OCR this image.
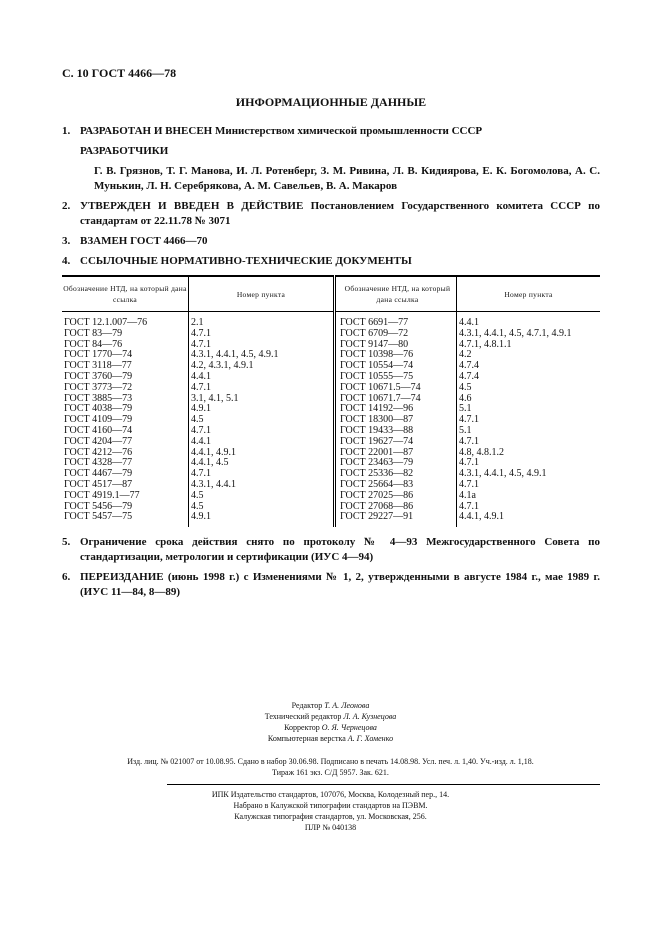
С. 10 ГОСТ 4466—78
ИНФОРМАЦИОННЫЕ ДАННЫЕ
1. РАЗРАБОТАН И ВНЕСЕН Министерством химической промышленности СССР
РАЗРАБОТЧИКИ
Г. В. Грязнов, Т. Г. Манова, И. Л. Ротенберг, З. М. Ривина, Л. В. Кидиярова, Е. К. Богомолова, А. С. Мунькин, Л. Н. Серебрякова, А. М. Савельев, В. А. Макаров
2. УТВЕРЖДЕН И ВВЕДЕН В ДЕЙСТВИЕ Постановлением Государственного комитета СССР по стандартам от 22.11.78 № 3071
3. ВЗАМЕН ГОСТ 4466—70
4. ССЫЛОЧНЫЕ НОРМАТИВНО-ТЕХНИЧЕСКИЕ ДОКУМЕНТЫ
Обозначение НТД, на который дана ссылка	Номер пункта	Обозначение НТД, на который дана ссылка	Номер пункта
ГОСТ 12.1.007—76	2.1	ГОСТ 6691—77	4.4.1
ГОСТ 83—79	4.7.1	ГОСТ 6709—72	4.3.1, 4.4.1, 4.5, 4.7.1, 4.9.1
ГОСТ 84—76	4.7.1	ГОСТ 9147—80	4.7.1, 4.8.1.1
ГОСТ 1770—74	4.3.1, 4.4.1, 4.5, 4.9.1	ГОСТ 10398—76	4.2
ГОСТ 3118—77	4.2, 4.3.1, 4.9.1	ГОСТ 10554—74	4.7.4
ГОСТ 3760—79	4.4.1	ГОСТ 10555—75	4.7.4
ГОСТ 3773—72	4.7.1	ГОСТ 10671.5—74	4.5
ГОСТ 3885—73	3.1, 4.1, 5.1	ГОСТ 10671.7—74	4.6
ГОСТ 4038—79	4.9.1	ГОСТ 14192—96	5.1
ГОСТ 4109—79	4.5	ГОСТ 18300—87	4.7.1
ГОСТ 4160—74	4.7.1	ГОСТ 19433—88	5.1
ГОСТ 4204—77	4.4.1	ГОСТ 19627—74	4.7.1
ГОСТ 4212—76	4.4.1, 4.9.1	ГОСТ 22001—87	4.8, 4.8.1.2
ГОСТ 4328—77	4.4.1, 4.5	ГОСТ 23463—79	4.7.1
ГОСТ 4467—79	4.7.1	ГОСТ 25336—82	4.3.1, 4.4.1, 4.5, 4.9.1
ГОСТ 4517—87	4.3.1, 4.4.1	ГОСТ 25664—83	4.7.1
ГОСТ 4919.1—77	4.5	ГОСТ 27025—86	4.1а
ГОСТ 5456—79	4.5	ГОСТ 27068—86	4.7.1
ГОСТ 5457—75	4.9.1	ГОСТ 29227—91	4.4.1, 4.9.1
5. Ограничение срока действия снято по протоколу № 4—93 Межгосударственного Совета по стандартизации, метрологии и сертификации (ИУС 4—94)
6. ПЕРЕИЗДАНИЕ (июнь 1998 г.) с Изменениями № 1, 2, утвержденными в августе 1984 г., мае 1989 г. (ИУС 11—84, 8—89)
Редактор Т. А. Леонова
Технический редактор Л. А. Кузнецова
Корректор О. Я. Чернецова
Компьютерная верстка А. Г. Хоменко
Изд. лиц. № 021007 от 10.08.95. Сдано в набор 30.06.98. Подписано в печать 14.08.98. Усл. печ. л. 1,40. Уч.-изд. л. 1,18.
Тираж 161 экз. С/Д 5957. Зак. 621.
ИПК Издательство стандартов, 107076, Москва, Колодезный пер., 14.
Набрано в Калужской типографии стандартов на ПЭВМ.
Калужская типография стандартов, ул. Московская, 256.
ПЛР № 040138
